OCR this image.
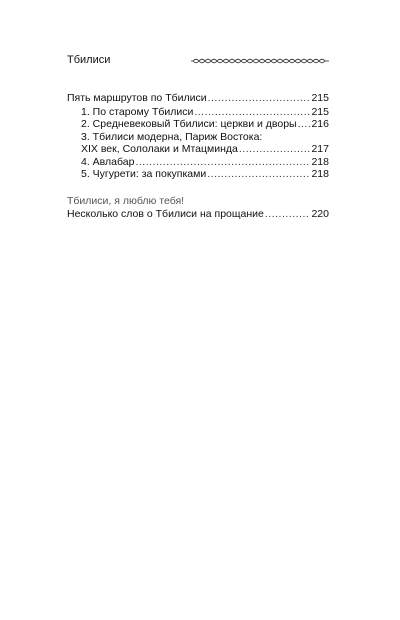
Тбилиси
Пять маршрутов по Тбилиси .....	215
1. По старому Тбилиси .....	215
2. Средневековый Тбилиси: церкви и дворы ..... 216
3. Тбилиси модерна, Париж Востока:
XIX век, Сололаки и Мтацминда .....	217
4. Авлабар .....	218
5. Чугурети: за покупками .....	218
Тбилиси, я люблю тебя!
Несколько слов о Тбилиси на прощание .....	220
